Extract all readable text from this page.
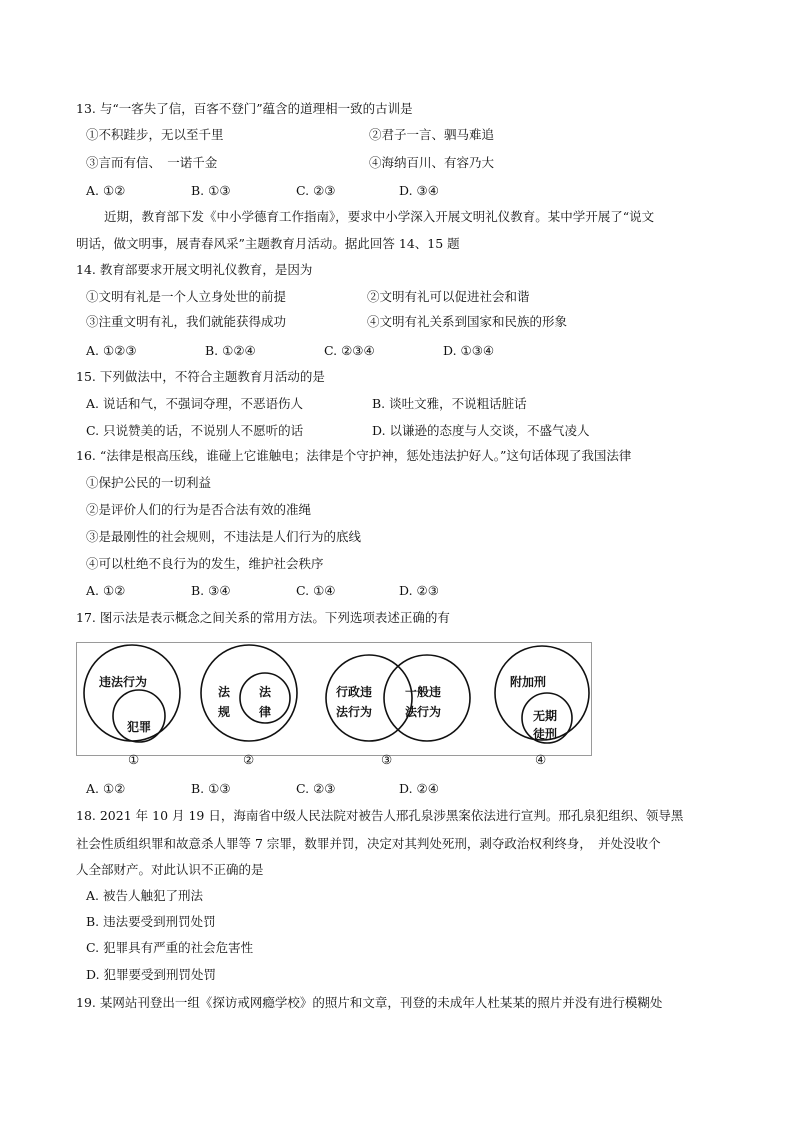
13. 与“一客失了信，百客不登门”蕴含的道理相一致的古训是
①不积跬步，无以至千里	②君子一言、驷马难追
③言而有信、　一诺千金	④海纳百川、有容乃大
A. ①②	B. ①③	C. ②③	D. ③④
近期，教育部下发《中小学德育工作指南》，要求中小学深入开展文明礼仪教育。某中学开展了“说文
明话，做文明事，展青春风采”主题教育月活动。据此回答 14、15 题
14. 教育部要求开展文明礼仪教育，是因为
①文明有礼是一个人立身处世的前提	②文明有礼可以促进社会和谐
③注重文明有礼，我们就能获得成功	④文明有礼关系到国家和民族的形象
A. ①②③	B. ①②④	C. ②③④	D. ①③④
15. 下列做法中，不符合主题教育月活动的是
A. 说话和气，不强词夺理，不恶语伤人	B. 谈吐文雅，不说粗话脏话
C. 只说赞美的话，不说别人不愿听的话	D. 以谦逊的态度与人交谈，不盛气凌人
16. “法律是根高压线，谁碰上它谁触电；法律是个守护神，惩处违法护好人。”这句话体现了我国法律
①保护公民的一切利益
②是评价人们的行为是否合法有效的准绳
③是最刚性的社会规则，不违法是人们行为的底线
④可以杜绝不良行为的发生，维护社会秩序
A. ①②	B. ③④	C. ①④	D. ②③
17. 图示法是表示概念之间关系的常用方法。下列选项表述正确的有
违法行为
犯罪
法
规
法
律
行政违
法行为
一般违
法行为
附加刑
无期
徒刑
①	②	③	④
A. ①②	B. ①③	C. ②③	D. ②④
18. 2021 年 10 月 19 日，海南省中级人民法院对被告人邢孔泉涉黑案依法进行宣判。邢孔泉犯组织、领导黑
社会性质组织罪和故意杀人罪等 7 宗罪，数罪并罚，决定对其判处死刑，剥夺政治权利终身，　并处没收个
人全部财产。对此认识不正确的是
A. 被告人触犯了刑法
B. 违法要受到刑罚处罚
C. 犯罪具有严重的社会危害性
D. 犯罪要受到刑罚处罚
19. 某网站刊登出一组《探访戒网瘾学校》的照片和文章，刊登的未成年人杜某某的照片并没有进行模糊处
